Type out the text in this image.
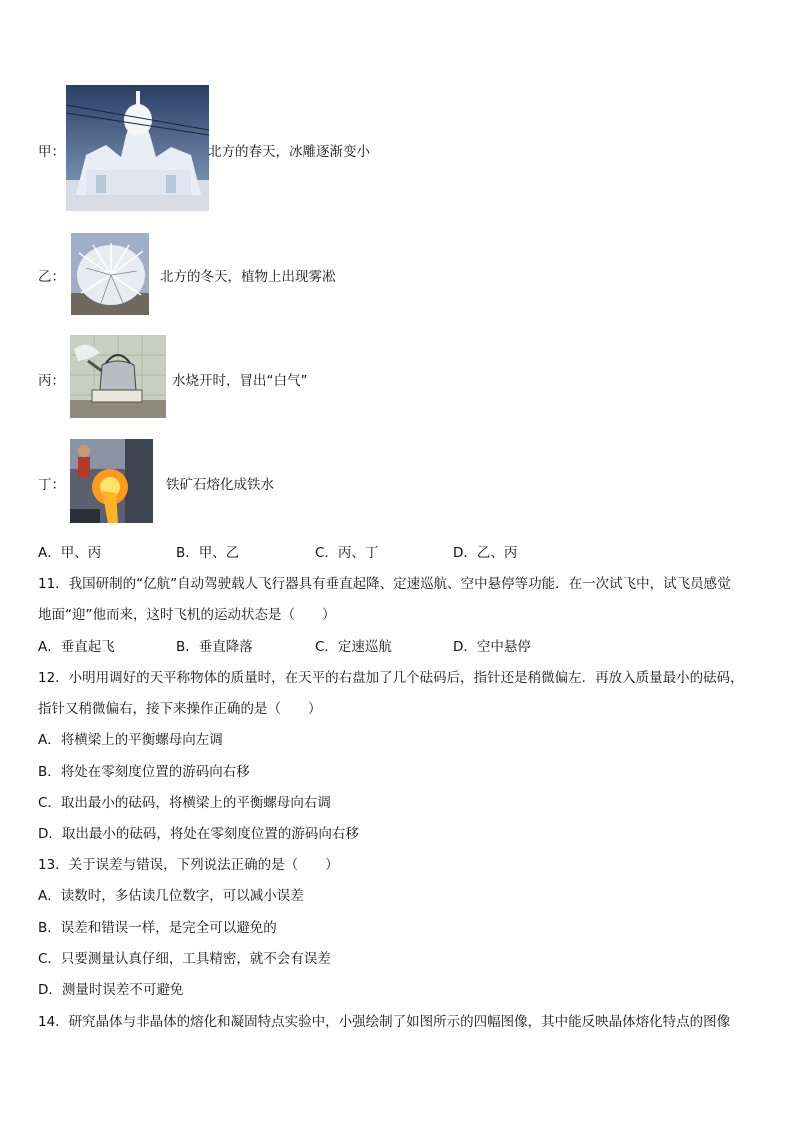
甲：	北方的春天，冰雕逐渐变小
乙：	北方的冬天，植物上出现雾凇
丙：	水烧开时，冒出“白气”
丁：	铁矿石熔化成铁水
A．甲、丙	B．甲、乙	C．丙、丁	D．乙、丙
11．我国研制的“亿航”自动驾驶载人飞行器具有垂直起降、定速巡航、空中悬停等功能．在一次试飞中，试飞员感觉
地面“迎”他而来，这时飞机的运动状态是（　　）
A．垂直起飞	B．垂直降落	C．定速巡航	D．空中悬停
12．小明用调好的天平称物体的质量时，在天平的右盘加了几个砝码后，指针还是稍微偏左．再放入质量最小的砝码，
指针又稍微偏右，接下来操作正确的是（　　）
A．将横梁上的平衡螺母向左调
B．将处在零刻度位置的游码向右移
C．取出最小的砝码，将横梁上的平衡螺母向右调
D．取出最小的砝码，将处在零刻度位置的游码向右移
13．关于误差与错误，下列说法正确的是（　　）
A．读数时，多估读几位数字，可以减小误差
B．误差和错误一样，是完全可以避免的
C．只要测量认真仔细，工具精密，就不会有误差
D．测量时误差不可避免
14．研究晶体与非晶体的熔化和凝固特点实验中，小强绘制了如图所示的四幅图像，其中能反映晶体熔化特点的图像
